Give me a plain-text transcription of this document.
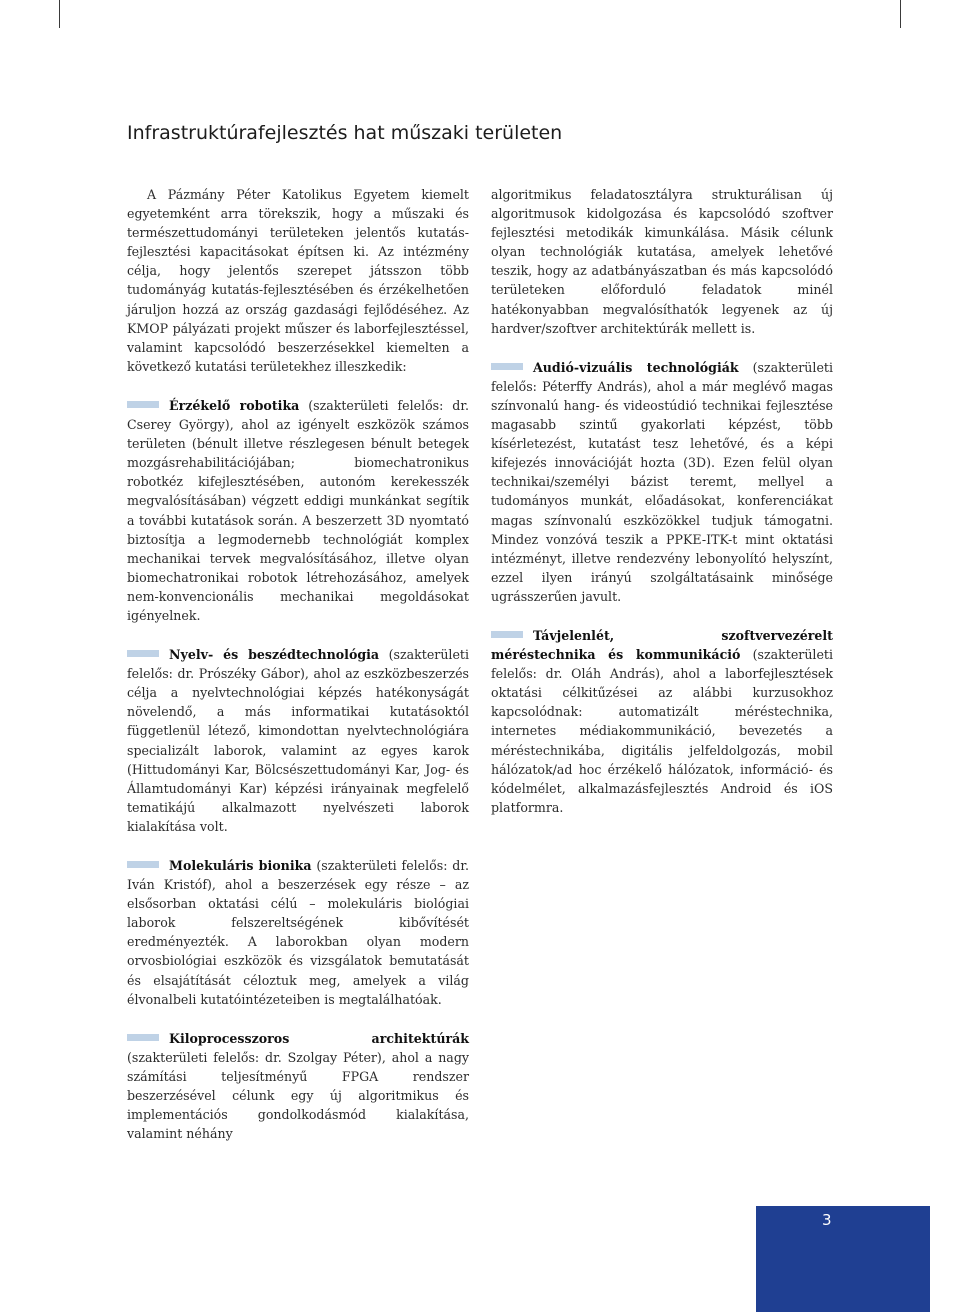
Infrastruktúrafejlesztés hat műszaki területen

A Pázmány Péter Katolikus Egyetem kiemelt egyetemként arra törekszik, hogy a műszaki és természettudományi területeken jelentős kutatás-fejlesztési kapacitásokat építsen ki. Az intézmény célja, hogy jelentős szerepet játsszon több tudományág kutatás-fejlesztésében és érzékelhetően járuljon hozzá az ország gazdasági fejlődéséhez. Az KMOP pályázati projekt műszer és laborfejlesztéssel, valamint kapcsolódó beszerzésekkel kiemelten a következő kutatási területekhez illeszkedik:

Érzékelő robotika (szakterületi felelős: dr. Cserey György), ahol az igényelt eszközök számos területen (bénult illetve részlegesen bénult betegek mozgásrehabilitációjában; biomechatronikus robotkéz kifejlesztésében, autonóm kerekesszék megvalósításában) végzett eddigi munkánkat segítik a további kutatások során. A beszerzett 3D nyomtató biztosítja a legmodernebb technológiát komplex mechanikai tervek megvalósításához, illetve olyan biomechatronikai robotok létrehozásához, amelyek nem-konvencionális mechanikai megoldásokat igényelnek.

Nyelv- és beszédtechnológia (szakterületi felelős: dr. Prószéky Gábor), ahol az eszközbeszerzés célja a nyelvtechnológiai képzés hatékonyságát növelendő, a más informatikai kutatásoktól függetlenül létező, kimondottan nyelvtechnológiára specializált laborok, valamint az egyes karok (Hittudományi Kar, Bölcsészettudományi Kar, Jog- és Államtudományi Kar) képzési irányainak megfelelő tematikájú alkalmazott nyelvészeti laborok kialakítása volt.

Molekuláris bionika (szakterületi felelős: dr. Iván Kristóf), ahol a beszerzések egy része – az elsősorban oktatási célú – molekuláris biológiai laborok felszereltségének kibővítését eredményezték. A laborokban olyan modern orvosbiológiai eszközök és vizsgálatok bemutatását és elsajátítását céloztuk meg, amelyek a világ élvonalbeli kutatóintézeteiben is megtalálhatóak.

Kiloprocesszoros architektúrák (szakterületi felelős: dr. Szolgay Péter), ahol a nagy számítási teljesítményű FPGA rendszer beszerzésével célunk egy új algoritmikus és implementációs gondolkodásmód kialakítása, valamint néhány

algoritmikus feladatosztályra strukturálisan új algoritmusok kidolgozása és kapcsolódó szoftver fejlesztési metodikák kimunkálása. Másik célunk olyan technológiák kutatása, amelyek lehetővé teszik, hogy az adatbányászatban és más kapcsolódó területeken előforduló feladatok minél hatékonyabban megvalósíthatók legyenek az új hardver/szoftver architektúrák mellett is.

Audió-vizuális technológiák (szakterületi felelős: Péterffy András), ahol a már meglévő magas színvonalú hang- és videostúdió technikai fejlesztése magasabb szintű gyakorlati képzést, több kísérletezést, kutatást tesz lehetővé, és a képi kifejezés innovációját hozta (3D). Ezen felül olyan technikai/személyi bázist teremt, mellyel a tudományos munkát, előadásokat, konferenciákat magas színvonalú eszközökkel tudjuk támogatni. Mindez vonzóvá teszik a PPKE-ITK-t mint oktatási intézményt, illetve rendezvény lebonyolító helyszínt, ezzel ilyen irányú szolgáltatásaink minősége ugrásszerűen javult.

Távjelenlét, szoftvervezérelt méréstechnika és kommunikáció (szakterületi felelős: dr. Oláh András), ahol a laborfejlesztések oktatási célkitűzései az alábbi kurzusokhoz kapcsolódnak: automatizált méréstechnika, internetes médiakommunikáció, bevezetés a méréstechnikába, digitális jelfeldolgozás, mobil hálózatok/ad hoc érzékelő hálózatok, információ- és kódelmélet, alkalmazásfejlesztés Android és iOS platformra.

3
